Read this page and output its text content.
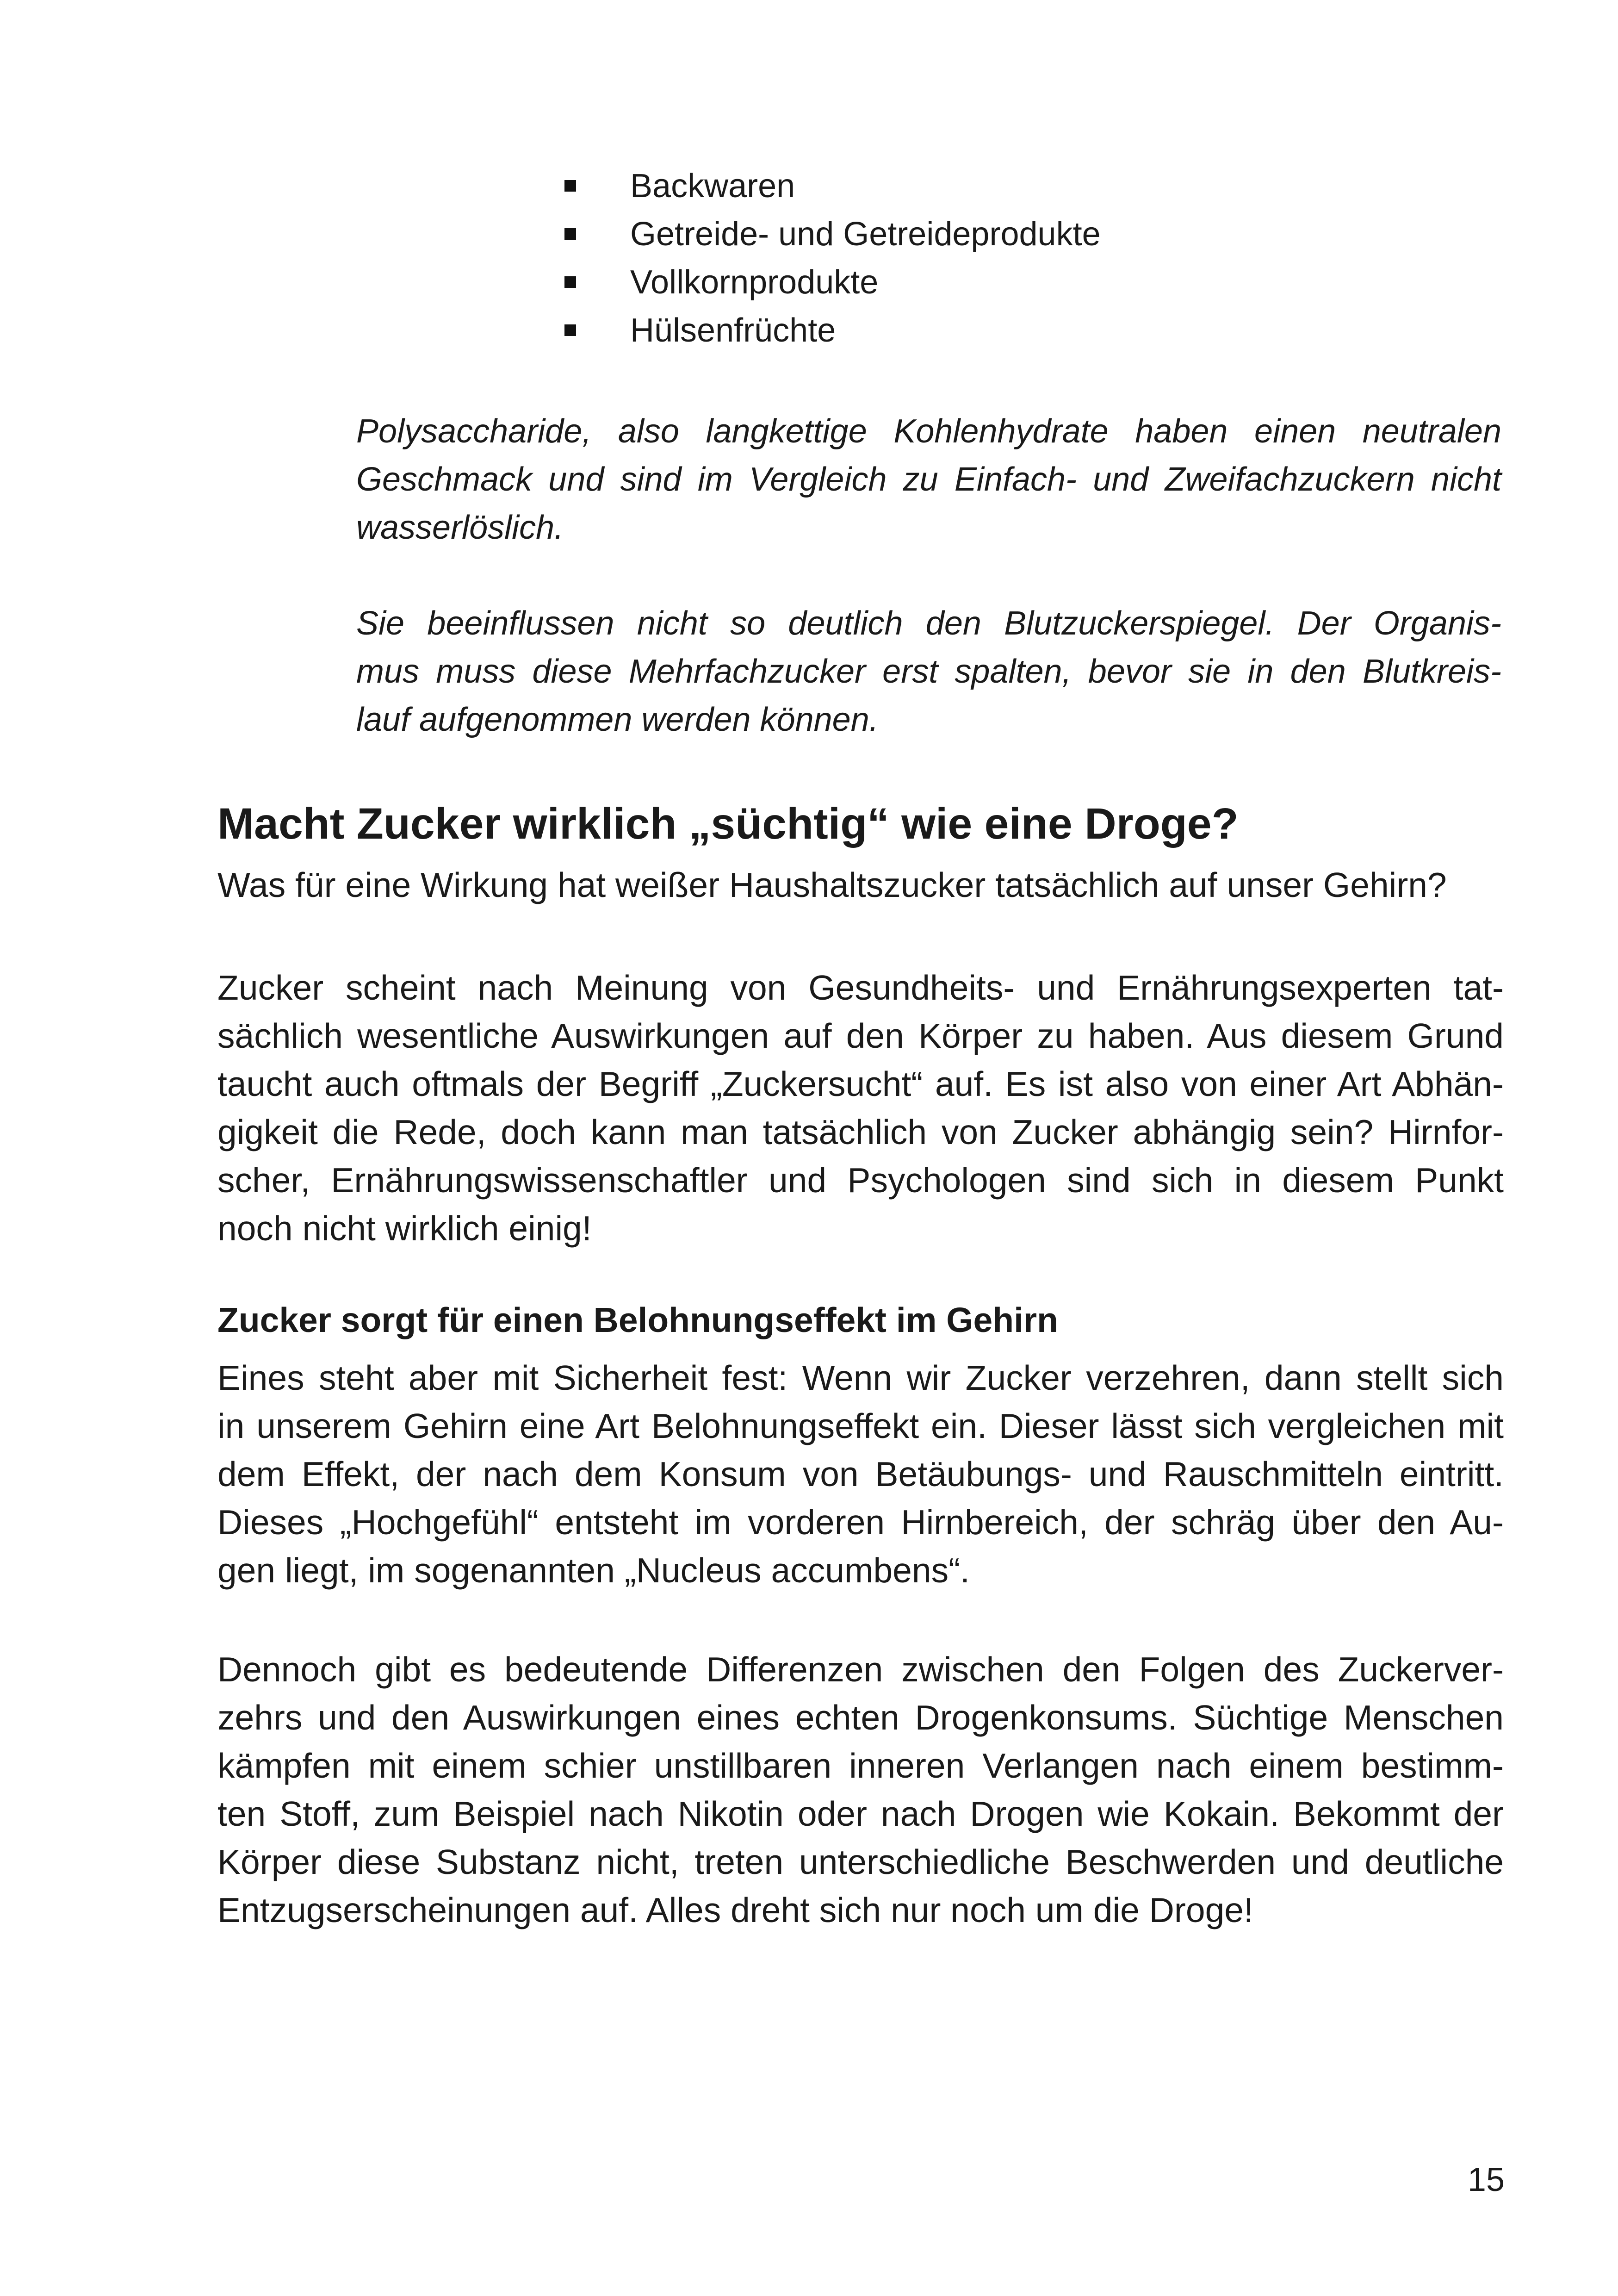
Backwaren
Getreide- und Getreideprodukte
Vollkornprodukte
Hülsenfrüchte

Polysaccharide, also langkettige Kohlenhydrate haben einen neutralen
Geschmack und sind im Vergleich zu Einfach- und Zweifachzuckern nicht
wasserlöslich.

Sie beeinflussen nicht so deutlich den Blutzuckerspiegel. Der Organis-
mus muss diese Mehrfachzucker erst spalten, bevor sie in den Blutkreis-
lauf aufgenommen werden können.

Macht Zucker wirklich „süchtig“ wie eine Droge?

Was für eine Wirkung hat weißer Haushaltszucker tatsächlich auf unser Gehirn?

Zucker scheint nach Meinung von Gesundheits- und Ernährungsexperten tat-
sächlich wesentliche Auswirkungen auf den Körper zu haben. Aus diesem Grund
taucht auch oftmals der Begriff „Zuckersucht“ auf. Es ist also von einer Art Abhän-
gigkeit die Rede, doch kann man tatsächlich von Zucker abhängig sein? Hirnfor-
scher, Ernährungswissenschaftler und Psychologen sind sich in diesem Punkt
noch nicht wirklich einig!

Zucker sorgt für einen Belohnungseffekt im Gehirn

Eines steht aber mit Sicherheit fest: Wenn wir Zucker verzehren, dann stellt sich
in unserem Gehirn eine Art Belohnungseffekt ein. Dieser lässt sich vergleichen mit
dem Effekt, der nach dem Konsum von Betäubungs- und Rauschmitteln eintritt.
Dieses „Hochgefühl“ entsteht im vorderen Hirnbereich, der schräg über den Au-
gen liegt, im sogenannten „Nucleus accumbens“.

Dennoch gibt es bedeutende Differenzen zwischen den Folgen des Zuckerver-
zehrs und den Auswirkungen eines echten Drogenkonsums. Süchtige Menschen
kämpfen mit einem schier unstillbaren inneren Verlangen nach einem bestimm-
ten Stoff, zum Beispiel nach Nikotin oder nach Drogen wie Kokain. Bekommt der
Körper diese Substanz nicht, treten unterschiedliche Beschwerden und deutliche
Entzugserscheinungen auf. Alles dreht sich nur noch um die Droge!

15
